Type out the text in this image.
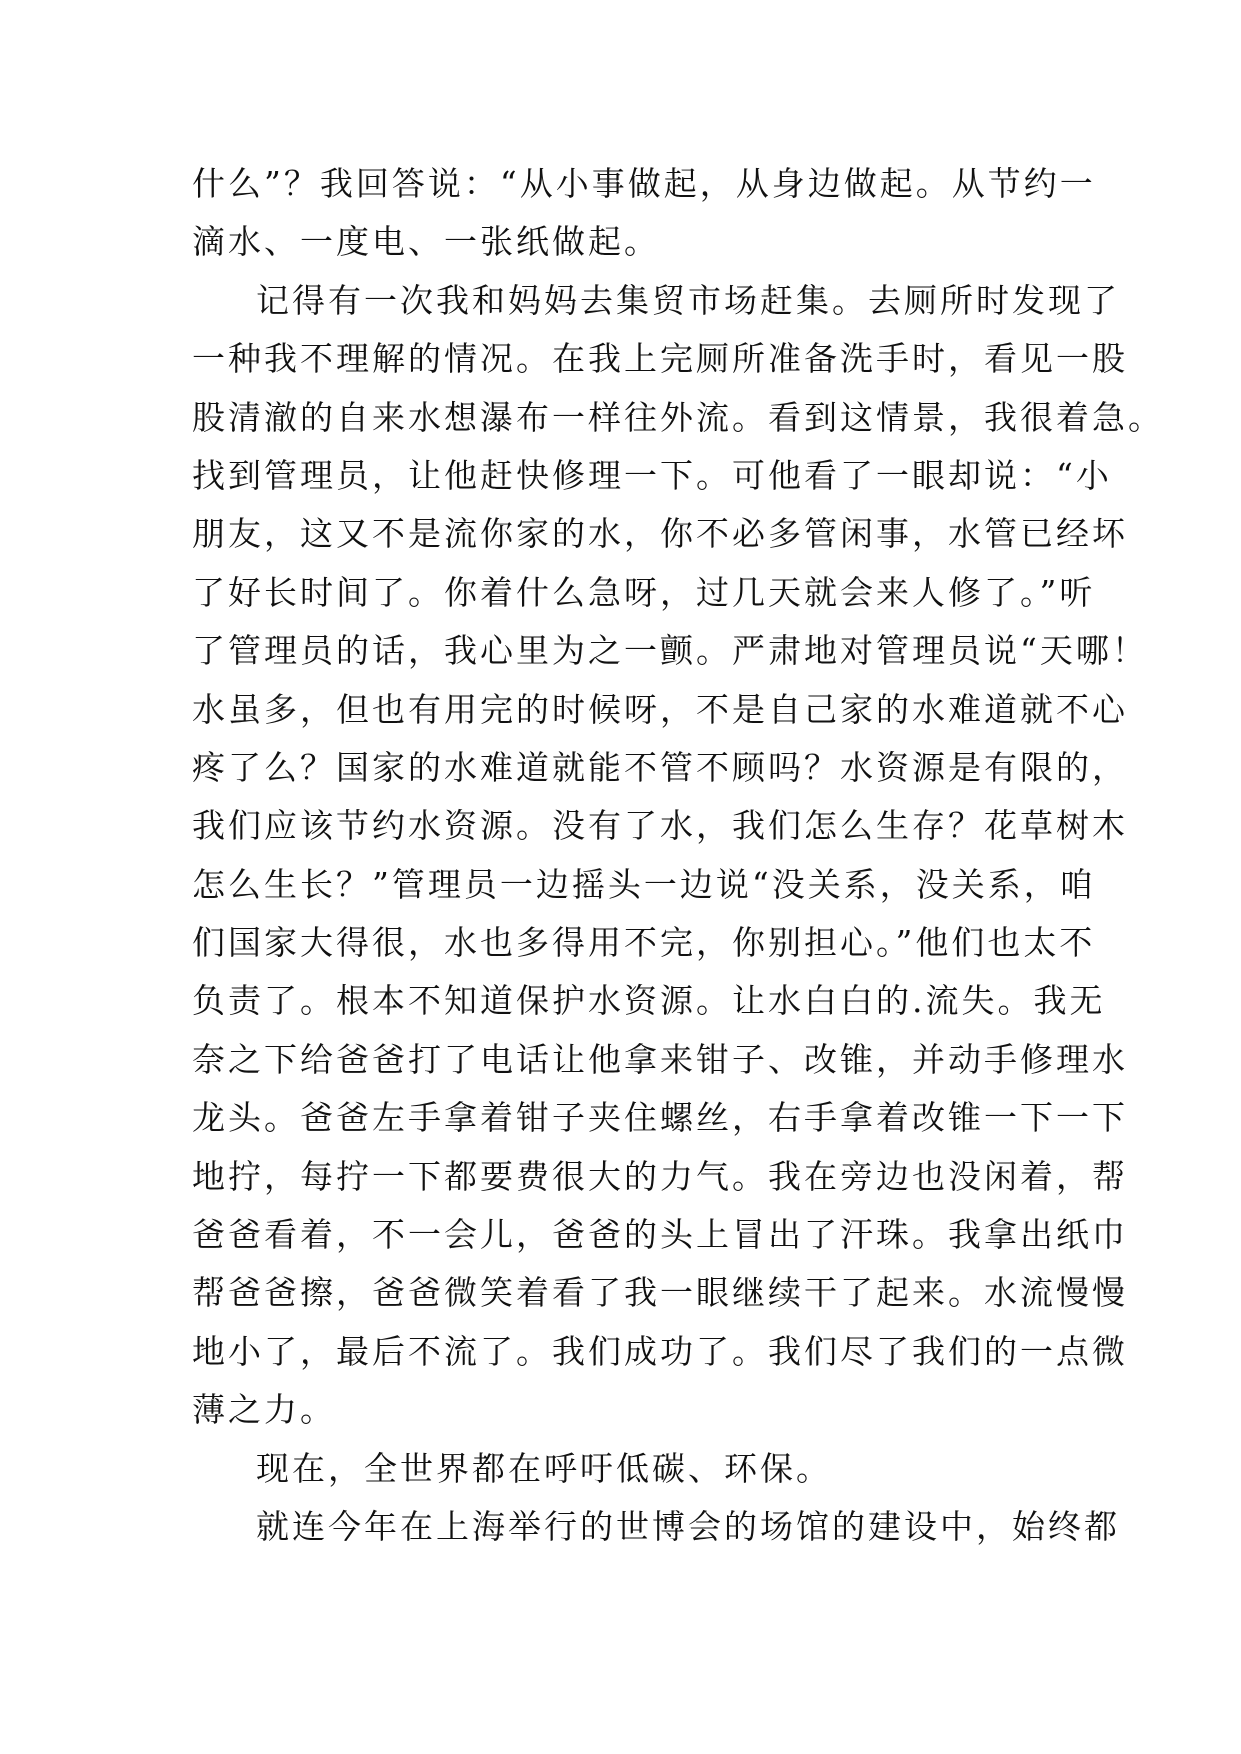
什么”？我回答说：“从小事做起，从身边做起。从节约一
滴水、一度电、一张纸做起。
记得有一次我和妈妈去集贸市场赶集。去厕所时发现了
一种我不理解的情况。在我上完厕所准备洗手时，看见一股
股清澈的自来水想瀑布一样往外流。看到这情景，我很着急。
找到管理员，让他赶快修理一下。可他看了一眼却说：“小
朋友，这又不是流你家的水，你不必多管闲事，水管已经坏
了好长时间了。你着什么急呀，过几天就会来人修了。”听
了管理员的话，我心里为之一颤。严肃地对管理员说“天哪！
水虽多，但也有用完的时候呀，不是自己家的水难道就不心
疼了么？国家的水难道就能不管不顾吗？水资源是有限的，
我们应该节约水资源。没有了水，我们怎么生存？花草树木
怎么生长？”管理员一边摇头一边说“没关系，没关系，咱
们国家大得很，水也多得用不完，你别担心。”他们也太不
负责了。根本不知道保护水资源。让水白白的.流失。我无
奈之下给爸爸打了电话让他拿来钳子、改锥，并动手修理水
龙头。爸爸左手拿着钳子夹住螺丝，右手拿着改锥一下一下
地拧，每拧一下都要费很大的力气。我在旁边也没闲着，帮
爸爸看着，不一会儿，爸爸的头上冒出了汗珠。我拿出纸巾
帮爸爸擦，爸爸微笑着看了我一眼继续干了起来。水流慢慢
地小了，最后不流了。我们成功了。我们尽了我们的一点微
薄之力。
现在，全世界都在呼吁低碳、环保。
就连今年在上海举行的世博会的场馆的建设中，始终都
